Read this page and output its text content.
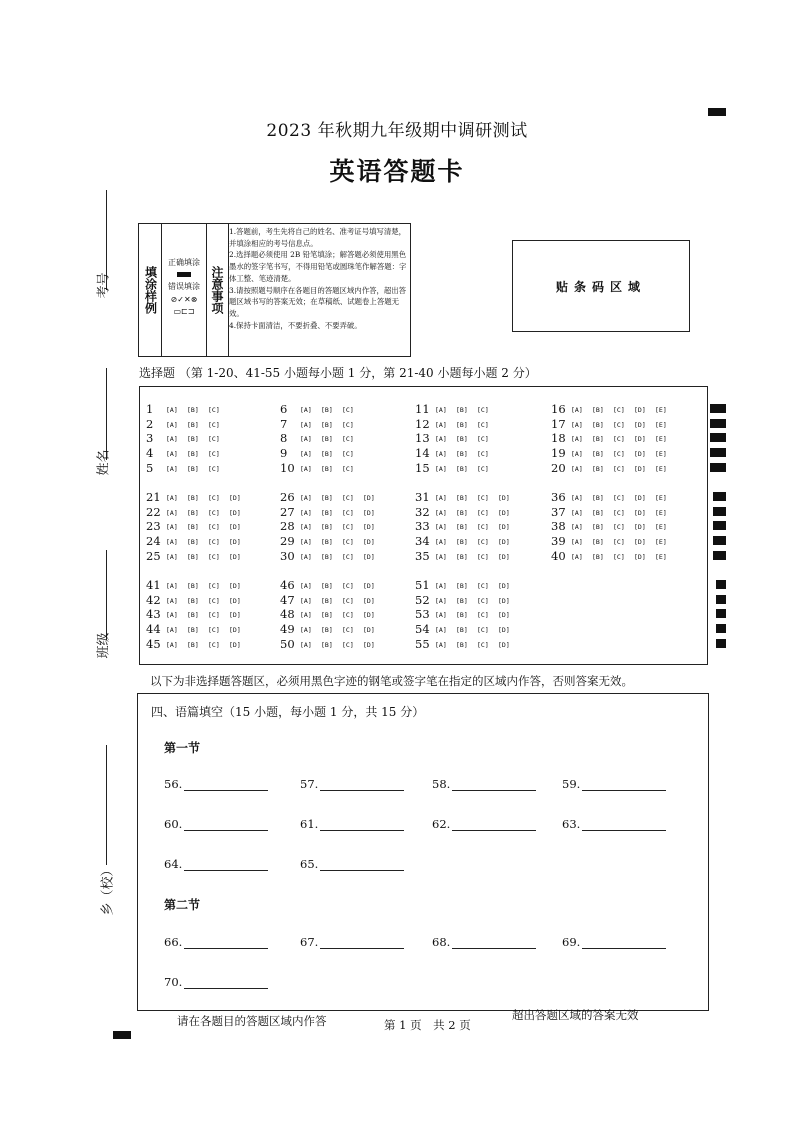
2023 年秋期九年级期中调研测试
英语答题卡
考号
姓名
班级
乡（校）
填涂样例
正确填涂
错误填涂
⊘✓✕⊗
▭⊏⊐	注意事项
1.答题前，考生先将自己的姓名、准考证号填写清楚，并填涂相应的考号信息点。
2.选择题必须使用 2B 铅笔填涂；解答题必须使用黑色墨水的签字笔书写，不得用铅笔或圆珠笔作解答题：字体工整、笔迹清楚。
3.请按照题号顺序在各题目的答题区域内作答，超出答题区域书写的答案无效；在草稿纸、试题卷上答题无效。
4.保持卡面清洁，不要折叠、不要弄破。
贴条码区域
选择题 （第 1-20、41-55 小题每小题 1 分，第 21-40 小题每小题 2 分）
1 [A] [B] [C]
2 [A] [B] [C]
3 [A] [B] [C]
4 [A] [B] [C]
5 [A] [B] [C]
6 [A] [B] [C]
7 [A] [B] [C]
8 [A] [B] [C]
9 [A] [B] [C]
10 [A] [B] [C]
11 [A] [B] [C]
12 [A] [B] [C]
13 [A] [B] [C]
14 [A] [B] [C]
15 [A] [B] [C]
16 [A] [B] [C] [D] [E]
17 [A] [B] [C] [D] [E]
18 [A] [B] [C] [D] [E]
19 [A] [B] [C] [D] [E]
20 [A] [B] [C] [D] [E]
21 [A] [B] [C] [D]
22 [A] [B] [C] [D]
23 [A] [B] [C] [D]
24 [A] [B] [C] [D]
25 [A] [B] [C] [D]
26 [A] [B] [C] [D]
27 [A] [B] [C] [D]
28 [A] [B] [C] [D]
29 [A] [B] [C] [D]
30 [A] [B] [C] [D]
31 [A] [B] [C] [D]
32 [A] [B] [C] [D]
33 [A] [B] [C] [D]
34 [A] [B] [C] [D]
35 [A] [B] [C] [D]
36 [A] [B] [C] [D] [E]
37 [A] [B] [C] [D] [E]
38 [A] [B] [C] [D] [E]
39 [A] [B] [C] [D] [E]
40 [A] [B] [C] [D] [E]
41 [A] [B] [C] [D]
42 [A] [B] [C] [D]
43 [A] [B] [C] [D]
44 [A] [B] [C] [D]
45 [A] [B] [C] [D]
46 [A] [B] [C] [D]
47 [A] [B] [C] [D]
48 [A] [B] [C] [D]
49 [A] [B] [C] [D]
50 [A] [B] [C] [D]
51 [A] [B] [C] [D]
52 [A] [B] [C] [D]
53 [A] [B] [C] [D]
54 [A] [B] [C] [D]
55 [A] [B] [C] [D]
以下为非选择题答题区，必须用黑色字迹的钢笔或签字笔在指定的区域内作答，否则答案无效。
四、语篇填空（15 小题，每小题 1 分，共 15 分）
第一节
第二节
56.	57.	58.	59.
60.	61.	62.	63.
64.	65.
66.	67.	68.	69.
70.
请在各题目的答题区域内作答	第 1 页　共 2 页
超出答题区域的答案无效
